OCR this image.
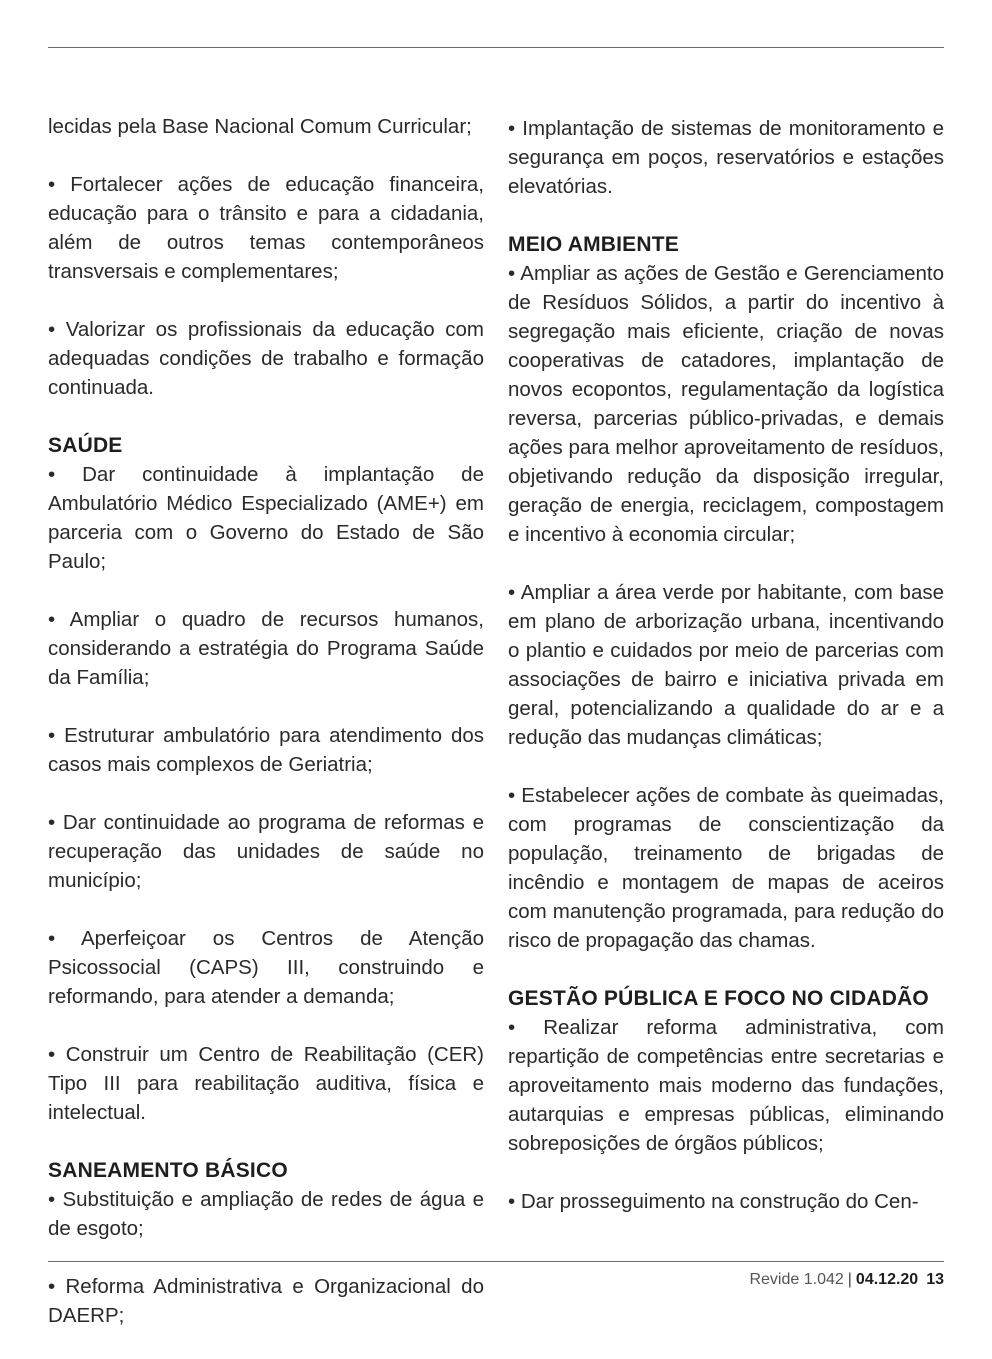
lecidas pela Base Nacional Comum Curricular;

• Fortalecer ações de educação financeira, educação para o trânsito e para a cidadania, além de outros temas contemporâneos transversais e complementares;

• Valorizar os profissionais da educação com adequadas condições de trabalho e formação continuada.

SAÚDE

• Dar continuidade à implantação de Ambulatório Médico Especializado (AME+) em parceria com o Governo do Estado de São Paulo;

• Ampliar o quadro de recursos humanos, considerando a estratégia do Programa Saúde da Família;

• Estruturar ambulatório para atendimento dos casos mais complexos de Geriatria;

• Dar continuidade ao programa de reformas e recuperação das unidades de saúde no município;

• Aperfeiçoar os Centros de Atenção Psicossocial (CAPS) III, construindo e reformando, para atender a demanda;

• Construir um Centro de Reabilitação (CER) Tipo III para reabilitação auditiva, física e intelectual.

SANEAMENTO BÁSICO

• Substituição e ampliação de redes de água e de esgoto;

• Reforma Administrativa e Organizacional do DAERP;

• Implantação de sistemas de monitoramento e segurança em poços, reservatórios e estações elevatórias.

MEIO AMBIENTE

• Ampliar as ações de Gestão e Gerenciamento de Resíduos Sólidos, a partir do incentivo à segregação mais eficiente, criação de novas cooperativas de catadores, implantação de novos ecopontos, regulamentação da logística reversa, parcerias público-privadas, e demais ações para melhor aproveitamento de resíduos, objetivando redução da disposição irregular, geração de energia, reciclagem, compostagem e incentivo à economia circular;

• Ampliar a área verde por habitante, com base em plano de arborização urbana, incentivando o plantio e cuidados por meio de parcerias com associações de bairro e iniciativa privada em geral, potencializando a qualidade do ar e a redução das mudanças climáticas;

• Estabelecer ações de combate às queimadas, com programas de conscientização da população, treinamento de brigadas de incêndio e montagem de mapas de aceiros com manutenção programada, para redução do risco de propagação das chamas.

GESTÃO PÚBLICA E FOCO NO CIDADÃO

• Realizar reforma administrativa, com repartição de competências entre secretarias e aproveitamento mais moderno das fundações, autarquias e empresas públicas, eliminando sobreposições de órgãos públicos;

• Dar prosseguimento na construção do Cen-

Revide 1.042 | 04.12.20 13
